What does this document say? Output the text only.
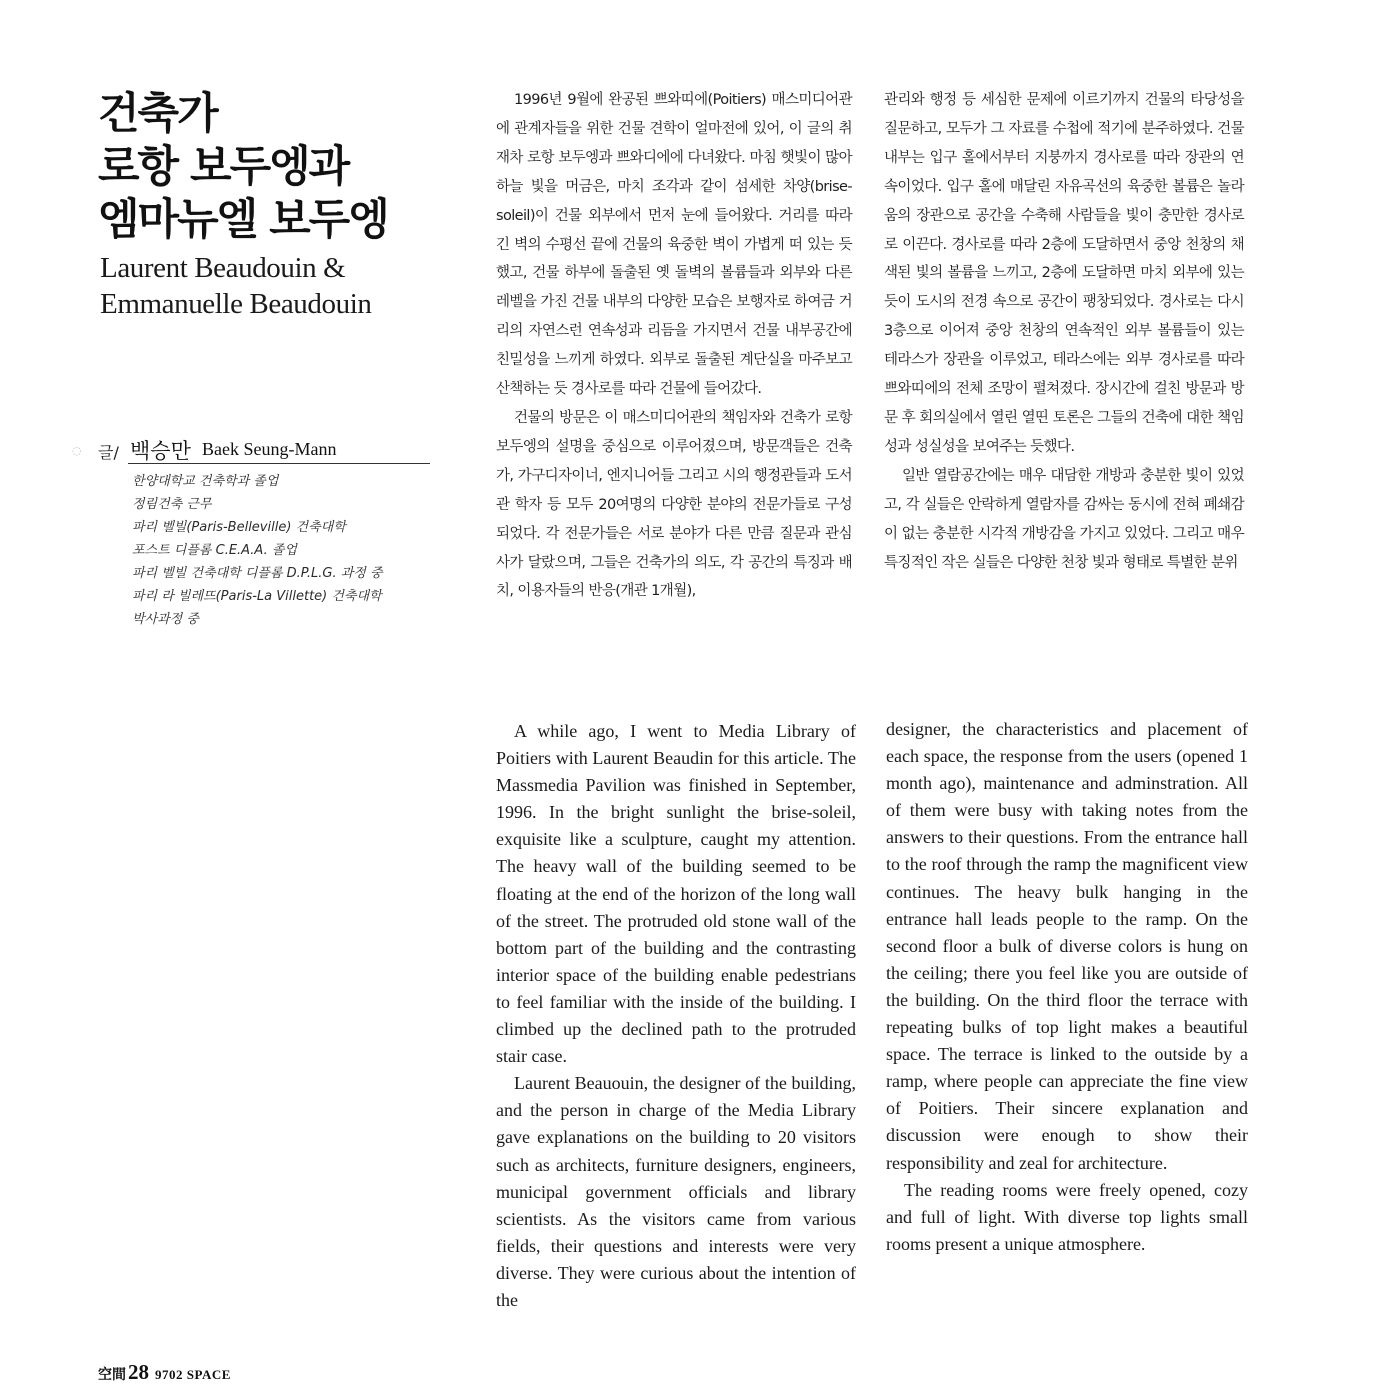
건축가
로항 보두엥과
엠마뉴엘 보두엥
Laurent Beaudouin &
Emmanuelle Beaudouin
◌ 글/ 백승만 Baek Seung-Mann
한양대학교 건축학과 졸업
정림건축 근무
파리 벨빌(Paris-Belleville) 건축대학
포스트 디플롬 C.E.A.A. 졸업
파리 벨빌 건축대학 디플롬 D.P.L.G. 과정 중
파리 라 빌레뜨(Paris-La Villette) 건축대학
박사과정 중

1996년 9월에 완공된 쁘와띠에(Poitiers) 매스미디어관에 관계자들을 위한 건물 견학이 얼마전에 있어, 이 글의 취재차 로항 보두엥과 쁘와디에에 다녀왔다. 마침 햇빛이 많아 하늘 빛을 머금은, 마치 조각과 같이 섬세한 차양(brise-soleil)이 건물 외부에서 먼저 눈에 들어왔다. 거리를 따라 긴 벽의 수평선 끝에 건물의 육중한 벽이 가볍게 떠 있는 듯했고, 건물 하부에 돌출된 옛 돌벽의 볼륨들과 외부와 다른 레벨을 가진 건물 내부의 다양한 모습은 보행자로 하여금 거리의 자연스런 연속성과 리듬을 가지면서 건물 내부공간에 친밀성을 느끼게 하였다. 외부로 돌출된 계단실을 마주보고 산책하는 듯 경사로를 따라 건물에 들어갔다.

건물의 방문은 이 매스미디어관의 책임자와 건축가 로항 보두엥의 설명을 중심으로 이루어졌으며, 방문객들은 건축가, 가구디자이너, 엔지니어들 그리고 시의 행정관들과 도서관 학자 등 모두 20여명의 다양한 분야의 전문가들로 구성되었다. 각 전문가들은 서로 분야가 다른 만큼 질문과 관심사가 달랐으며, 그들은 건축가의 의도, 각 공간의 특징과 배치, 이용자들의 반응(개관 1개월),

관리와 행정 등 세심한 문제에 이르기까지 건물의 타당성을 질문하고, 모두가 그 자료를 수첩에 적기에 분주하였다. 건물 내부는 입구 홀에서부터 지붕까지 경사로를 따라 장관의 연속이었다. 입구 홀에 매달린 자유곡선의 육중한 볼륨은 놀라움의 장관으로 공간을 수축해 사람들을 빛이 충만한 경사로로 이끈다. 경사로를 따라 2층에 도달하면서 중앙 천창의 채색된 빛의 볼륨을 느끼고, 2층에 도달하면 마치 외부에 있는 듯이 도시의 전경 속으로 공간이 팽창되었다. 경사로는 다시 3층으로 이어져 중앙 천창의 연속적인 외부 볼륨들이 있는 테라스가 장관을 이루었고, 테라스에는 외부 경사로를 따라 쁘와띠에의 전체 조망이 펼쳐졌다. 장시간에 걸친 방문과 방문 후 회의실에서 열린 열띤 토론은 그들의 건축에 대한 책임성과 성실성을 보여주는 듯했다.

일반 열람공간에는 매우 대담한 개방과 충분한 빛이 있었고, 각 실들은 안락하게 열람자를 감싸는 동시에 전혀 폐쇄감이 없는 충분한 시각적 개방감을 가지고 있었다. 그리고 매우 특징적인 작은 실들은 다양한 천창 빛과 형태로 특별한 분위

A while ago, I went to Media Library of Poitiers with Laurent Beaudin for this article. The Massmedia Pavilion was finished in September, 1996. In the bright sunlight the brise-soleil, exquisite like a sculpture, caught my attention. The heavy wall of the building seemed to be floating at the end of the horizon of the long wall of the street. The protruded old stone wall of the bottom part of the building and the contrasting interior space of the building enable pedestrians to feel familiar with the inside of the building. I climbed up the declined path to the protruded stair case.

Laurent Beauouin, the designer of the building, and the person in charge of the Media Library gave explanations on the building to 20 visitors such as architects, furniture designers, engineers, municipal government officials and library scientists. As the visitors came from various fields, their questions and interests were very diverse. They were curious about the intention of the

designer, the characteristics and placement of each space, the response from the users (opened 1 month ago), maintenance and adminstration. All of them were busy with taking notes from the answers to their questions. From the entrance hall to the roof through the ramp the magnificent view continues. The heavy bulk hanging in the entrance hall leads people to the ramp. On the second floor a bulk of diverse colors is hung on the ceiling; there you feel like you are outside of the building. On the third floor the terrace with repeating bulks of top light makes a beautiful space. The terrace is linked to the outside by a ramp, where people can appreciate the fine view of Poitiers. Their sincere explanation and discussion were enough to show their responsibility and zeal for architecture.

The reading rooms were freely opened, cozy and full of light. With diverse top lights small rooms present a unique atmosphere.

空間28 9702 SPACE
